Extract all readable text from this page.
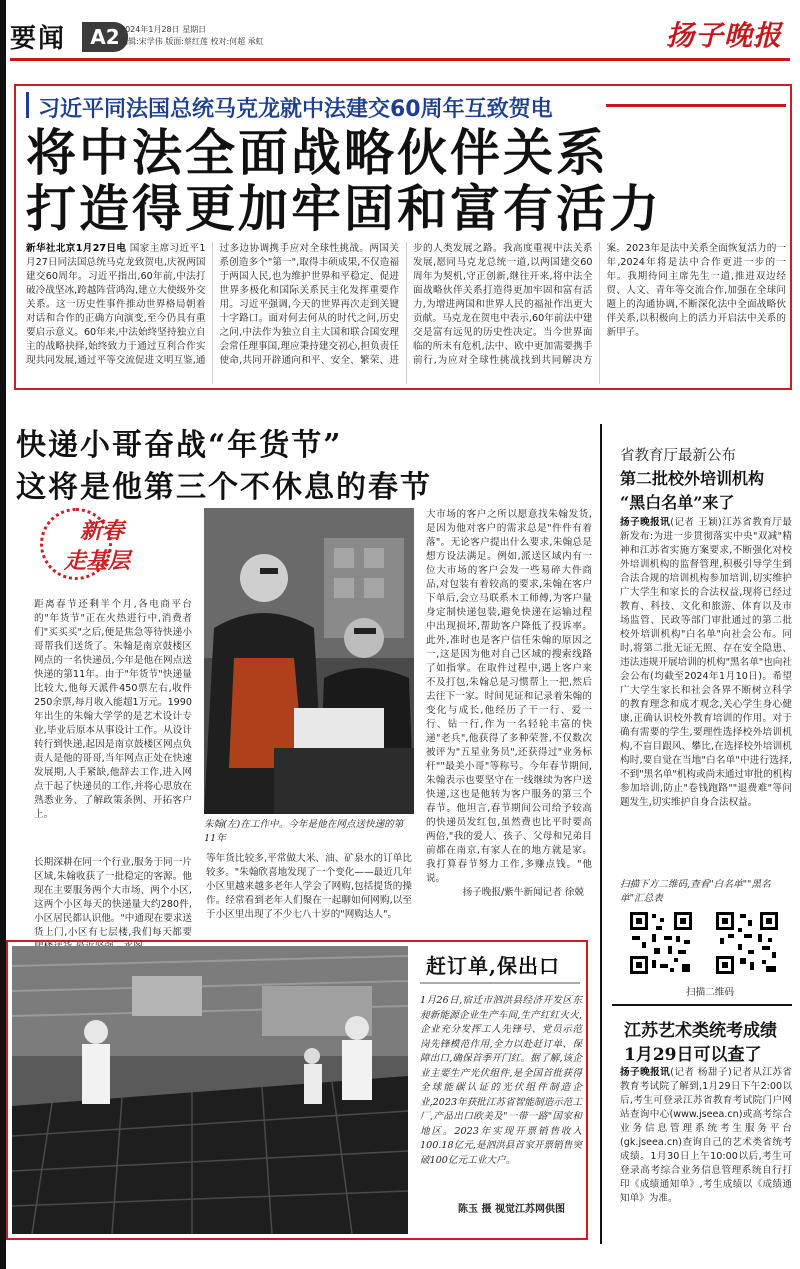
要闻	A2 2024年1月28日 星期日
编辑:宋学伟 版面:蔡红莲 校对:何超 承虹	扬子晚报
习近平同法国总统马克龙就中法建交60周年互致贺电
将中法全面战略伙伴关系
打造得更加牢固和富有活力
新华社北京1月27日电 国家主席习近平1月27日同法国总统马克龙致贺电,庆祝两国建交60周年。习近平指出,60年前,中法打破冷战坚冰,跨越阵营鸿沟,建立大使级外交关系。这一历史性事件推动世界格局朝着对话和合作的正确方向演变,至今仍具有重要启示意义。60年来,中法始终坚持独立自主的战略抉择,始终致力于通过互利合作实现共同发展,通过平等交流促进文明互鉴,通过多边协调携手应对全球性挑战。两国关系创造多个"第一",取得丰硕成果,不仅造福于两国人民,也为维护世界和平稳定、促进世界多极化和国际关系民主化发挥重要作用。习近平强调,今天的世界再次走到关键十字路口。面对何去何从的时代之问,历史之问,中法作为独立自主大国和联合国安理会常任理事国,理应秉持建交初心,担负责任使命,共同开辟通向和平、安全、繁荣、进步的人类发展之路。我高度重视中法关系发展,愿同马克龙总统一道,以两国建交60周年为契机,守正创新,继往开来,将中法全面战略伙伴关系打造得更加牢固和富有活力,为增进两国和世界人民的福祉作出更大贡献。马克龙在贺电中表示,60年前法中建交是富有远见的历史性决定。当今世界面临的所未有危机,法中、欧中更加需要携手前行,为应对全球性挑战找到共同解决方案。2023年是法中关系全面恢复活力的一年,2024年将是法中合作更进一步的一年。我期待同主席先生一道,推进双边经贸、人文、青年等交流合作,加强在全球问题上的沟通协调,不断深化法中全面战略伙伴关系,以积极向上的活力开启法中关系的新甲子。
快递小哥奋战“年货节”
这将是他第三个不休息的春节
新春
走基层
距离春节还剩半个月,各电商平台的"年货节"正在火热进行中,消费者们"买买买"之后,便是焦急等待快递小哥帮我们送货了。朱翰是南京鼓楼区网点的一名快递员,今年是他在网点送快递的第11年。由于"年货节"快递量比较大,他每天派件450票左右,收件250余票,每月收入能超1万元。1990年出生的朱翰大学学的是艺术设计专业,毕业后原本从事设计工作。从设计转行到快递,起因是南京鼓楼区网点负责人是他的哥哥,当年网点正处在快速发展期,人手紧缺,他辞去工作,进入网点干起了快递员的工作,并将心思放在熟悉业务、了解政策条例、开拓客户上。
长期深耕在同一个行业,服务于同一片区域,朱翰收获了一批稳定的客源。他现在主要服务两个大市场、两个小区,这两个小区每天的快递量大约280件,小区居民都认识他。"中通现在要求送货上门,小区有七层楼,我们每天都要
朱翰(左)在工作中。今年是他在网点送快递的第11年
等年货比较多,平常做大米、油、矿泉水的订单比较多。"朱翰欣喜地发现了一个变化——最近几年小区里越来越多老年人学会了网购,包括提货的操作。经常看到老年人们聚在一起聊如何网购,以至于小区里出现了不少七八十岁的"网购达人"。
大市场的客户之所以愿意找朱翰发货,是因为他对客户的需求总是"件件有着落"。无论客户提出什么要求,朱翰总是想方设法满足。例如,派送区域内有一位大市场的客户会发一些易碎大件商品,对包装有着较高的要求,朱翰在客户下单后,会立马联系木工师傅,为客户量身定制快递包装,避免快递在运输过程中出现损坏,帮助客户降低了投诉率。此外,准时也是客户信任朱翰的原因之一,这是因为他对自己区域的搜索线路了如指掌。在取件过程中,遇上客户来不及打包,朱翰总是习惯帮上一把,然后去往下一家。时间见证和记录着朱翰的变化与成长,他经历了干一行、爱一行、钻一行,作为一名轻轮丰富的快递"老兵",他获得了多种荣誉,不仅数次被评为"五星业务员",还获得过"业务标杆""最美小哥"等称号。今年春节期间,朱翰表示也要坚守在一线继续为客户送快递,这也是他转为客户服务的第三个春节。他坦言,春节期间公司给予较高的快递员发红包,虽然费也比平时要高两倍,"我的爱人、孩子、父母和兄弟目前都在南京,有家人在的地方就是家。我打算春节努力工作,多赚点钱。"他说。

扬子晚报/紫牛新闻记者 徐兢
赶订单,保出口
1月26日,宿迁市泗洪县经济开发区东昶新能源企业生产车间,生产红红火火,企业充分发挥工人先锋号、党员示范岗先锋模范作用,全力以赴赶订单、保障出口,确保首季开门红。据了解,该企业主要生产光伏组件,是全国首批获得全球能碳认证的光伏组件制造企业,2023年获批江苏省智能制造示范工厂,产品出口欧美及"一带一路"国家和地区。2023年实现开票销售收入100.18亿元,是泗洪县首家开票销售突破100亿元工业大户。
陈玉 摄 视觉江苏网供图
省教育厅最新公布
第二批校外培训机构
“黑白名单”来了
扬子晚报讯(记者 王颖)江苏省教育厅最新发布:为进一步贯彻落实中央"双减"精神和江苏省实施方案要求,不断强化对校外培训机构的监督管理,积极引导学生到合法合规的培训机构参加培训,切实维护广大学生和家长的合法权益,现将已经过教育、科技、文化和旅游、体育以及市场监管、民政等部门审批通过的第二批校外培训机构"白名单"向社会公布。同时,将第二批无证无照、存在安全隐患、违法违规开展培训的机构"黑名单"也向社会公布(均截至2024年1月10日)。希望广大学生家长和社会各界不断树立科学的教育理念和成才观念,关心学生身心健康,正确认识校外教育培训的作用。对于确有需要的学生,要理性选择校外培训机构,不盲目跟风、攀比,在选择校外培训机构时,要自觉在当地"白名单"中进行选择,不到"黑名单"机构或尚未通过审批的机构参加培训,防止"卷钱跑路""退费难"等问题发生,切实维护自身合法权益。
扫描下方二维码,查看"白名单""黑名单"汇总表
扫描二维码
江苏艺术类统考成绩
1月29日可以查了
扬子晚报讯(记者 杨甜子)记者从江苏省教育考试院了解到,1月29日下午2:00以后,考生可登录江苏省教育考试院门户网站查询中心(www.jseea.cn)或高考综合业务信息管理系统考生服务平台(gk.jseea.cn)查询自己的艺术类省统考成绩。1月30日上午10:00以后,考生可登录高考综合业务信息管理系统自行打印《成绩通知单》,考生成绩以《成绩通知单》为准。
